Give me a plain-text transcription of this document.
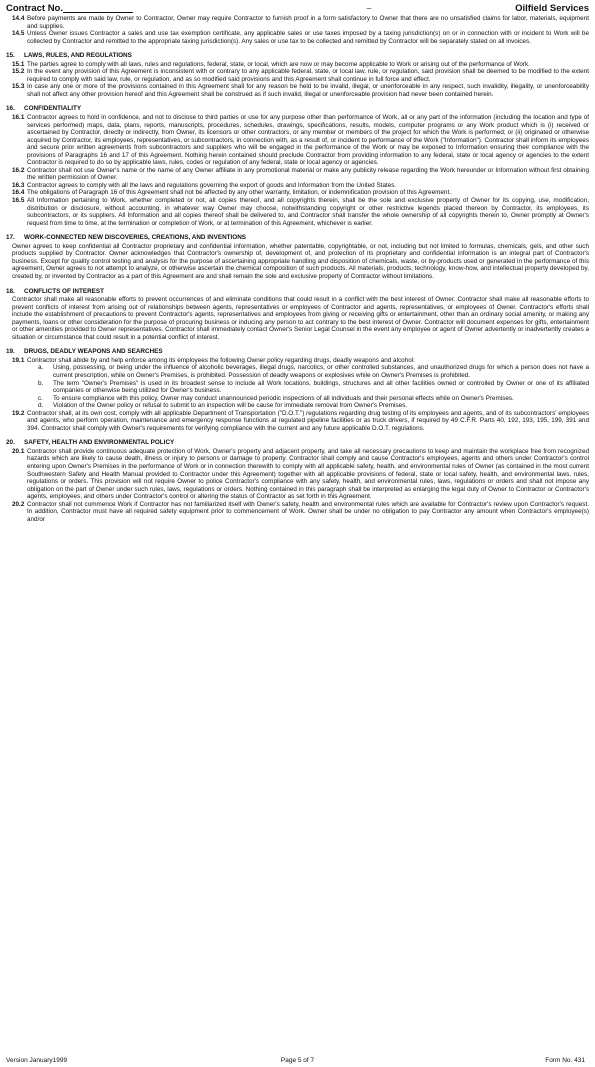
Contract No.	⌣	Oilfield Services
14.4 Before payments are made by Owner to Contractor, Owner may require Contractor to furnish proof in a form satisfactory to Owner that there are no unsatisfied claims for labor, materials, equipment and supplies.
14.5 Unless Owner issues Contractor a sales and use tax exemption certificate, any applicable sales or use taxes imposed by a taxing jurisdiction(s) on or in connection with or incident to Work will be collected by Contractor and remitted to the appropriate taxing jurisdiction(s). Any sales or use tax to be collected and remitted by Contractor will be separately stated on all invoices.
15. LAWS, RULES, AND REGULATIONS
15.1 The parties agree to comply with all laws, rules and regulations, federal, state, or local, which are now or may become applicable to Work or arising out of the performance of Work.
15.2 In the event any provision of this Agreement is inconsistent with or contrary to any applicable federal, state, or local law, rule, or regulation, said provision shall be deemed to be modified to the extent required to comply with said law, rule, or regulation, and as so modified said provisions and this Agreement shall continue in full force and effect.
15.3 In case any one or more of the provisions contained in this Agreement shall for any reason be held to be invalid, illegal, or unenforceable in any respect, such invalidity, illegality, or unenforceability shall not affect any other provision hereof and this Agreement shall be construed as if such invalid, illegal or unenforceable provision had never been contained herein.
16. CONFIDENTIALITY
16.1 Contractor agrees to hold in confidence, and not to disclose to third parties or use for any purpose other than performance of Work, all or any part of the information (including the location and type of services performed) maps, data, plans, reports, manuscripts, procedures, schedules, drawings, specifications, results, models, computer programs or any Work product which is (i) received or ascertained by Contractor, directly or indirectly, from Owner, its licensors or other contractors, or any member or members of the project for which the Work is performed; or (ii) originated or otherwise acquired by Contractor, its employees, representatives, or subcontractors, in connection with, as a result of, or incident to performance of the Work ("Information"). Contractor shall inform its employees and secure prior written agreements from subcontractors and suppliers who will be engaged in the performance of the Work or may be exposed to Information ensuring their compliance with the provisions of Paragraphs 16 and 17 of this Agreement. Nothing herein contained should preclude Contractor from providing information to any federal, state or local agency or agencies to the extent Contractor is required to do so by applicable laws, rules, codes or regulation of any federal, state or local agency or agencies.
16.2 Contractor shall not use Owner's name or the name of any Owner affiliate in any promotional material or make any publicity release regarding the Work hereunder or Information without first obtaining the written permission of Owner.
16.3 Contractor agrees to comply with all the laws and regulations governing the export of goods and Information from the United States.
16.4 The obligations of Paragraph 16 of this Agreement shall not be affected by any other warranty, limitation, or indemnification provision of this Agreement.
16.5 All Information pertaining to Work, whether completed or not, all copies thereof, and all copyrights therein, shall be the sole and exclusive property of Owner for its copying, use, modification, distribution or disclosure, without accounting, in whatever way Owner may choose, notwithstanding copyright or other restrictive legends placed thereon by Contractor, its employees, its subcontractors, or its suppliers. All Information and all copies thereof shall be delivered to, and Contractor shall transfer the whole ownership of all copyrights therein to, Owner promptly at Owner's request from time to time, at the termination or completion of Work, or at termination of this Agreement, whichever is earlier.
17. WORK-CONNECTED NEW DISCOVERIES, CREATIONS, AND INVENTIONS
Owner agrees to keep confidential all Contractor proprietary and confidential information, whether patentable, copyrightable, or not, including but not limited to formulas, chemicals, gels, and other such products supplied by Contractor. Owner acknowledges that Contractor's ownership of, development of, and protection of its proprietary and confidential information is an integral part of Contractor's business. Except for quality control testing and analysis for the purpose of ascertaining appropriate handling and disposition of chemicals, waste, or by-products used or generated in the performance of this agreement, Owner agrees to not attempt to analyze, or otherwise ascertain the chemical composition of such products. All materials, products, technology, know-how, and intellectual property developed by, created by, or invented by Contractor as a part of this Agreement are and shall remain the sole and exclusive property of Contractor without limitations.
18. CONFLICTS OF INTEREST
Contractor shall make all reasonable efforts to prevent occurrences of and eliminate conditions that could result in a conflict with the best interest of Owner. Contractor shall make all reasonable efforts to prevent conflicts of interest from arising out of relationships between agents, representatives or employees of Contractor and agents, representatives, or employees of Owner. Contractor's efforts shall include the establishment of precautions to prevent Contractor's agents, representatives and employees from giving or receiving gifts or entertainment, other than an ordinary social amenity, or making any payments, loans or other consideration for the purpose of procuring business or inducing any person to act contrary to the best interest of Owner. Contractor will document expenses for gifts, entertainment or other amenities provided to Owner representatives. Contractor shall immediately contact Owner's Senior Legal Counsel in the event any employee or agent of Owner advertently or inadvertently creates a situation or circumstance that could result in a potential conflict of interest.
19. DRUGS, DEADLY WEAPONS AND SEARCHES
19.1 Contractor shall abide by and help enforce among its employees the following Owner policy regarding drugs, deadly weapons and alcohol:
a.	Using, possessing, or being under the influence of alcoholic beverages, illegal drugs, narcotics, or other controlled substances, and unauthorized drugs for which a person does not have a current prescription, while on Owner's Premises, is prohibited. Possession of deadly weapons or explosives while on Owner's Premises is prohibited.
b.	The term "Owner's Premises" is used in its broadest sense to include all Work locations, buildings, structures and all other facilities owned or controlled by Owner or one of its affiliated companies or otherwise being utilized for Owner's business.
c.	To ensure compliance with this policy, Owner may conduct unannounced periodic inspections of all individuals and their personal effects while on Owner's Premises.
d.	Violation of the Owner policy or refusal to submit to an inspection will be cause for immediate removal from Owner's Premises.
19.2 Contractor shall, at its own cost, comply with all applicable Department of Transportation ("D.O.T.") regulations regarding drug testing of its employees and agents, and of its subcontractors' employees and agents, who perform operation, maintenance and emergency response functions at regulated pipeline facilities or as truck drivers, if required by 49 C.F.R. Parts 40, 192, 193, 195, 199, 391 and 394. Contractor shall comply with Owner's requirements for verifying compliance with the current and any future applicable D.O.T. regulations.
20. SAFETY, HEALTH AND ENVIRONMENTAL POLICY
20.1 Contractor shall provide continuous adequate protection of Work, Owner's property and adjacent property, and take all necessary precautions to keep and maintain the workplace free from recognized hazards which are likely to cause death, illness or injury to persons or damage to property. Contractor shall comply and cause Contractor's employees, agents and others under Contractor's control entering upon Owner's Premises in the performance of Work or in connection therewith to comply with all applicable safety, health, and environmental rules of Owner (as contained in the most current Southwestern Safety and Health Manual provided to Contractor under this Agreement) together with all applicable provisions of federal, state or local safety, health, and environmental laws, rules, regulations or orders. This provision will not require Owner to police Contractor's compliance with any safety, health, and environmental rules, laws, regulations or orders and shall not impose any obligation on the part of Owner under such rules, laws, regulations or orders. Nothing contained in this paragraph shall be interpreted as enlarging the legal duty of Owner to Contractor or Contractor's agents, employees, and others under Contractor's control or altering the status of Contractor as set forth in this Agreement.
20.2 Contractor shall not commence Work if Contractor has not familiarized itself with Owner's safety, health and environmental rules which are available for Contractor's review upon Contractor's request. In addition, Contractor must have all required safety equipment prior to commencement of Work. Owner shall be under no obligation to pay Contractor any amount when Contractor's employee(s) and/or
Version January1999	Page 5 of 7	Form No. 431
